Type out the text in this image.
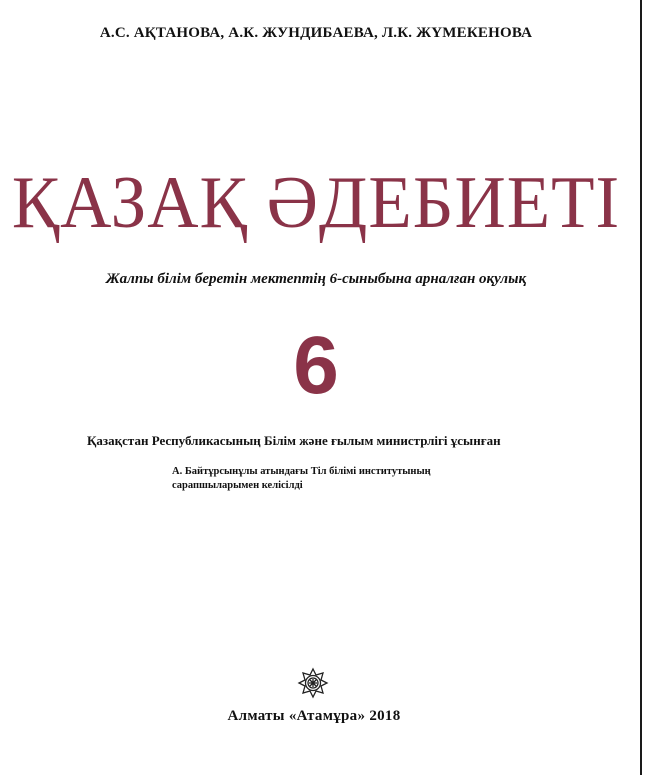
А.С. АҚТАНОВА, А.К. ЖУНДИБАЕВА, Л.К. ЖҮМЕКЕНОВА
ҚАЗАҚ ӘДЕБИЕТІ
Жалпы білім беретін мектептің 6-сыныбына арналған оқулық
6
Қазақстан Республикасының Білім және ғылым министрлігі ұсынған
А. Байтұрсынұлы атындағы Тіл білімі институтының
сарапшыларымен келісілді
Алматы «Атамұра» 2018
